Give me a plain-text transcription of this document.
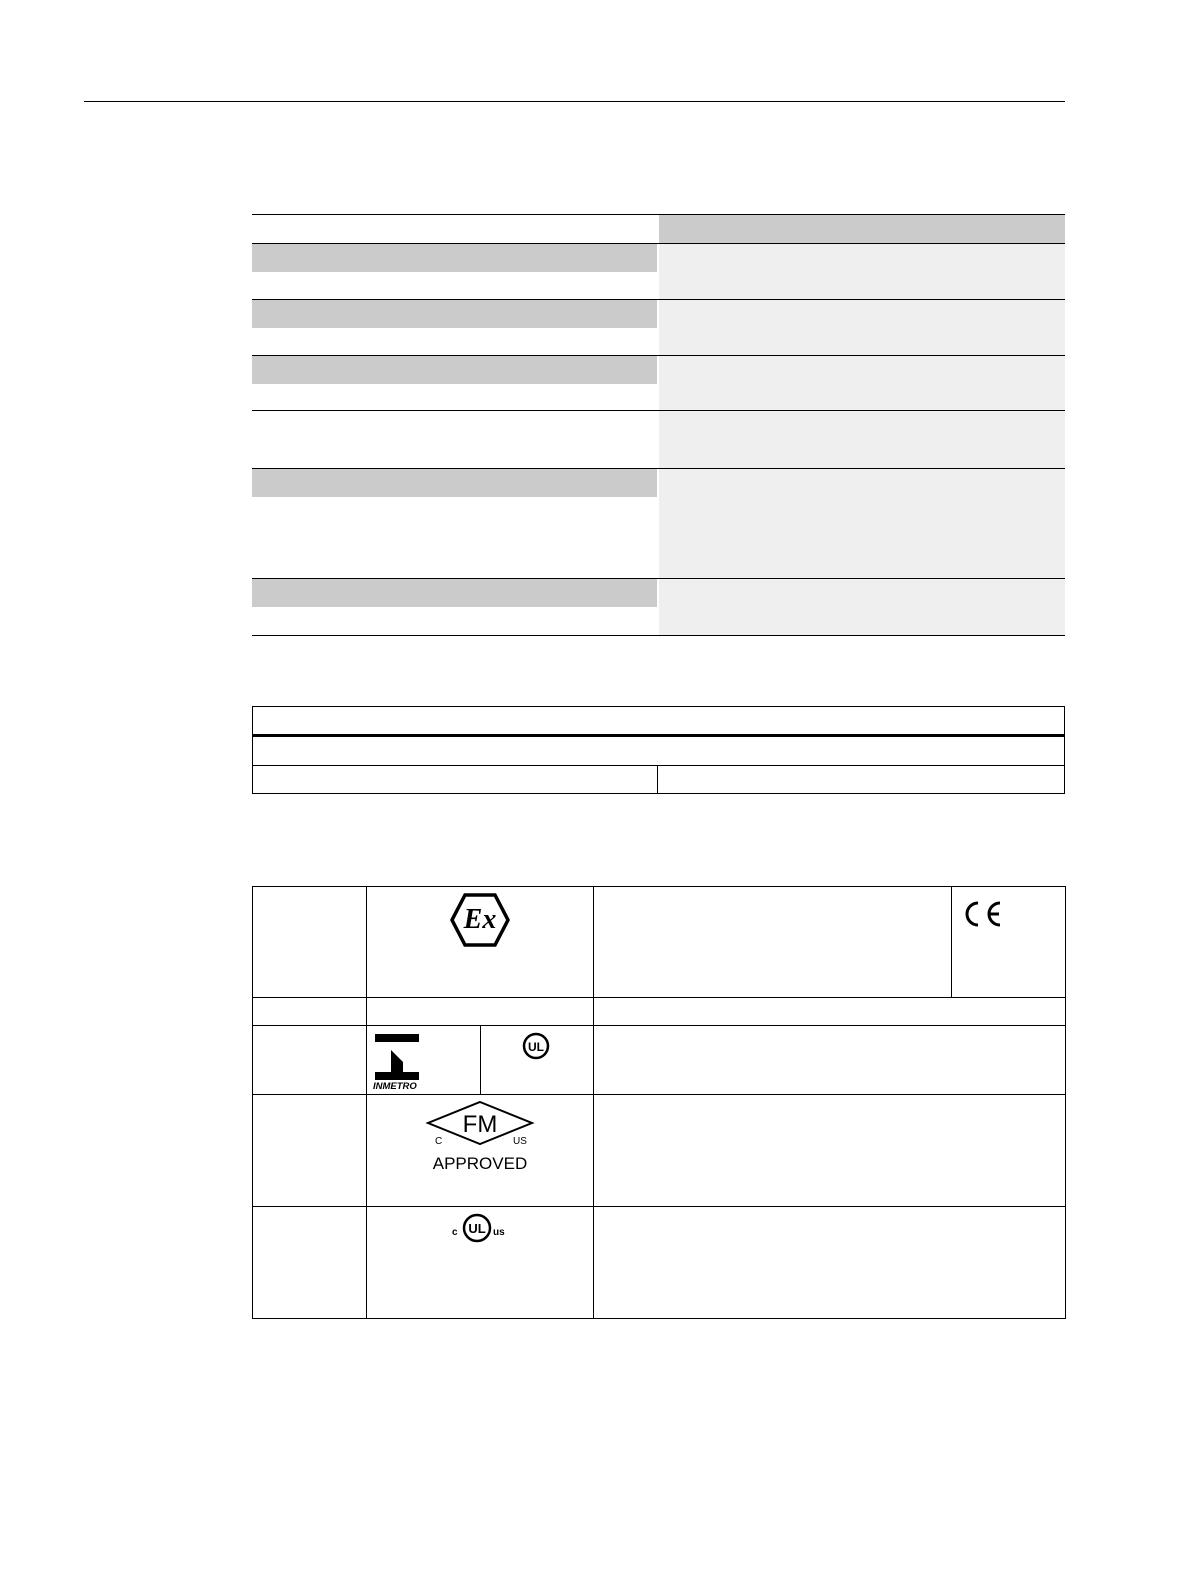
Ex

INMETRO	UL		

FM
C US
APPROVED			

c UL us			
